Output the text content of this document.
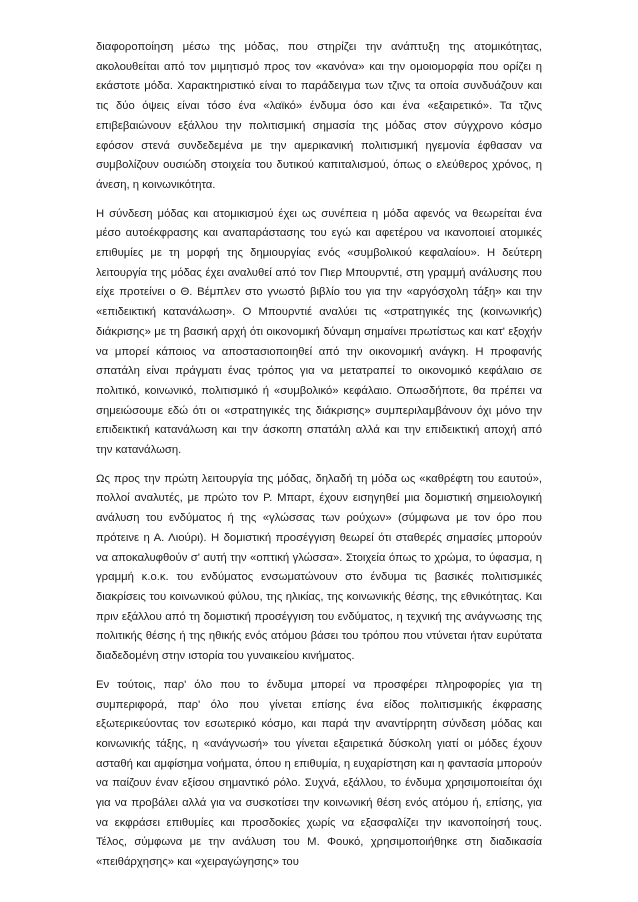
διαφοροποίηση μέσω της μόδας, που στηρίζει την ανάπτυξη της ατομικότητας, ακολουθείται από τον μιμητισμό προς τον «κανόνα» και την ομοιομορφία που ορίζει η εκάστοτε μόδα. Χαρακτηριστικό είναι το παράδειγμα των τζινς τα οποία συνδυάζουν και τις δύο όψεις είναι τόσο ένα «λαϊκό» ένδυμα όσο και ένα «εξαιρετικό». Τα τζινς επιβεβαιώνουν εξάλλου την πολιτισμική σημασία της μόδας στον σύγχρονο κόσμο εφόσον στενά συνδεδεμένα με την αμερικανική πολιτισμική ηγεμονία έφθασαν να συμβολίζουν ουσιώδη στοιχεία του δυτικού καπιταλισμού, όπως ο ελεύθερος χρόνος, η άνεση, η κοινωνικότητα.

Η σύνδεση μόδας και ατομικισμού έχει ως συνέπεια η μόδα αφενός να θεωρείται ένα μέσο αυτοέκφρασης και αναπαράστασης του εγώ και αφετέρου να ικανοποιεί ατομικές επιθυμίες με τη μορφή της δημιουργίας ενός «συμβολικού κεφαλαίου». Η δεύτερη λειτουργία της μόδας έχει αναλυθεί από τον Πιερ Μπουρντιέ, στη γραμμή ανάλυσης που είχε προτείνει ο Θ. Βέμπλεν στο γνωστό βιβλίο του για την «αργόσχολη τάξη» και την «επιδεικτική κατανάλωση». Ο Μπουρντιέ αναλύει τις «στρατηγικές της (κοινωνικής) διάκρισης» με τη βασική αρχή ότι οικονομική δύναμη σημαίνει πρωτίστως και κατ' εξοχήν να μπορεί κάποιος να αποστασιοποιηθεί από την οικονομική ανάγκη. Η προφανής σπατάλη είναι πράγματι ένας τρόπος για να μετατραπεί το οικονομικό κεφάλαιο σε πολιτικό, κοινωνικό, πολιτισμικό ή «συμβολικό» κεφάλαιο. Οπωσδήποτε, θα πρέπει να σημειώσουμε εδώ ότι οι «στρατηγικές της διάκρισης» συμπεριλαμβάνουν όχι μόνο την επιδεικτική κατανάλωση και την άσκοπη σπατάλη αλλά και την επιδεικτική αποχή από την κατανάλωση.

Ως προς την πρώτη λειτουργία της μόδας, δηλαδή τη μόδα ως «καθρέφτη του εαυτού», πολλοί αναλυτές, με πρώτο τον Ρ. Μπαρτ, έχουν εισηγηθεί μια δομιστική σημειολογική ανάλυση του ενδύματος ή της «γλώσσας των ρούχων» (σύμφωνα με τον όρο που πρότεινε η Α. Λιούρι). Η δομιστική προσέγγιση θεωρεί ότι σταθερές σημασίες μπορούν να αποκαλυφθούν σ' αυτή την «οπτική γλώσσα». Στοιχεία όπως το χρώμα, το ύφασμα, η γραμμή κ.ο.κ. του ενδύματος ενσωματώνουν στο ένδυμα τις βασικές πολιτισμικές διακρίσεις του κοινωνικού φύλου, της ηλικίας, της κοινωνικής θέσης, της εθνικότητας. Και πριν εξάλλου από τη δομιστική προσέγγιση του ενδύματος, η τεχνική της ανάγνωσης της πολιτικής θέσης ή της ηθικής ενός ατόμου βάσει του τρόπου που ντύνεται ήταν ευρύτατα διαδεδομένη στην ιστορία του γυναικείου κινήματος.

Εν τούτοις, παρ' όλο που το ένδυμα μπορεί να προσφέρει πληροφορίες για τη συμπεριφορά, παρ' όλο που γίνεται επίσης ένα είδος πολιτισμικής έκφρασης εξωτερικεύοντας τον εσωτερικό κόσμο, και παρά την αναντίρρητη σύνδεση μόδας και κοινωνικής τάξης, η «ανάγνωσή» του γίνεται εξαιρετικά δύσκολη γιατί οι μόδες έχουν ασταθή και αμφίσημα νοήματα, όπου η επιθυμία, η ευχαρίστηση και η φαντασία μπορούν να παίζουν έναν εξίσου σημαντικό ρόλο. Συχνά, εξάλλου, το ένδυμα χρησιμοποιείται όχι για να προβάλει αλλά για να συσκοτίσει την κοινωνική θέση ενός ατόμου ή, επίσης, για να εκφράσει επιθυμίες και προσδοκίες χωρίς να εξασφαλίζει την ικανοποίησή τους. Τέλος, σύμφωνα με την ανάλυση του Μ. Φουκό, χρησιμοποιήθηκε στη διαδικασία «πειθάρχησης» και «χειραγώγησης» του
